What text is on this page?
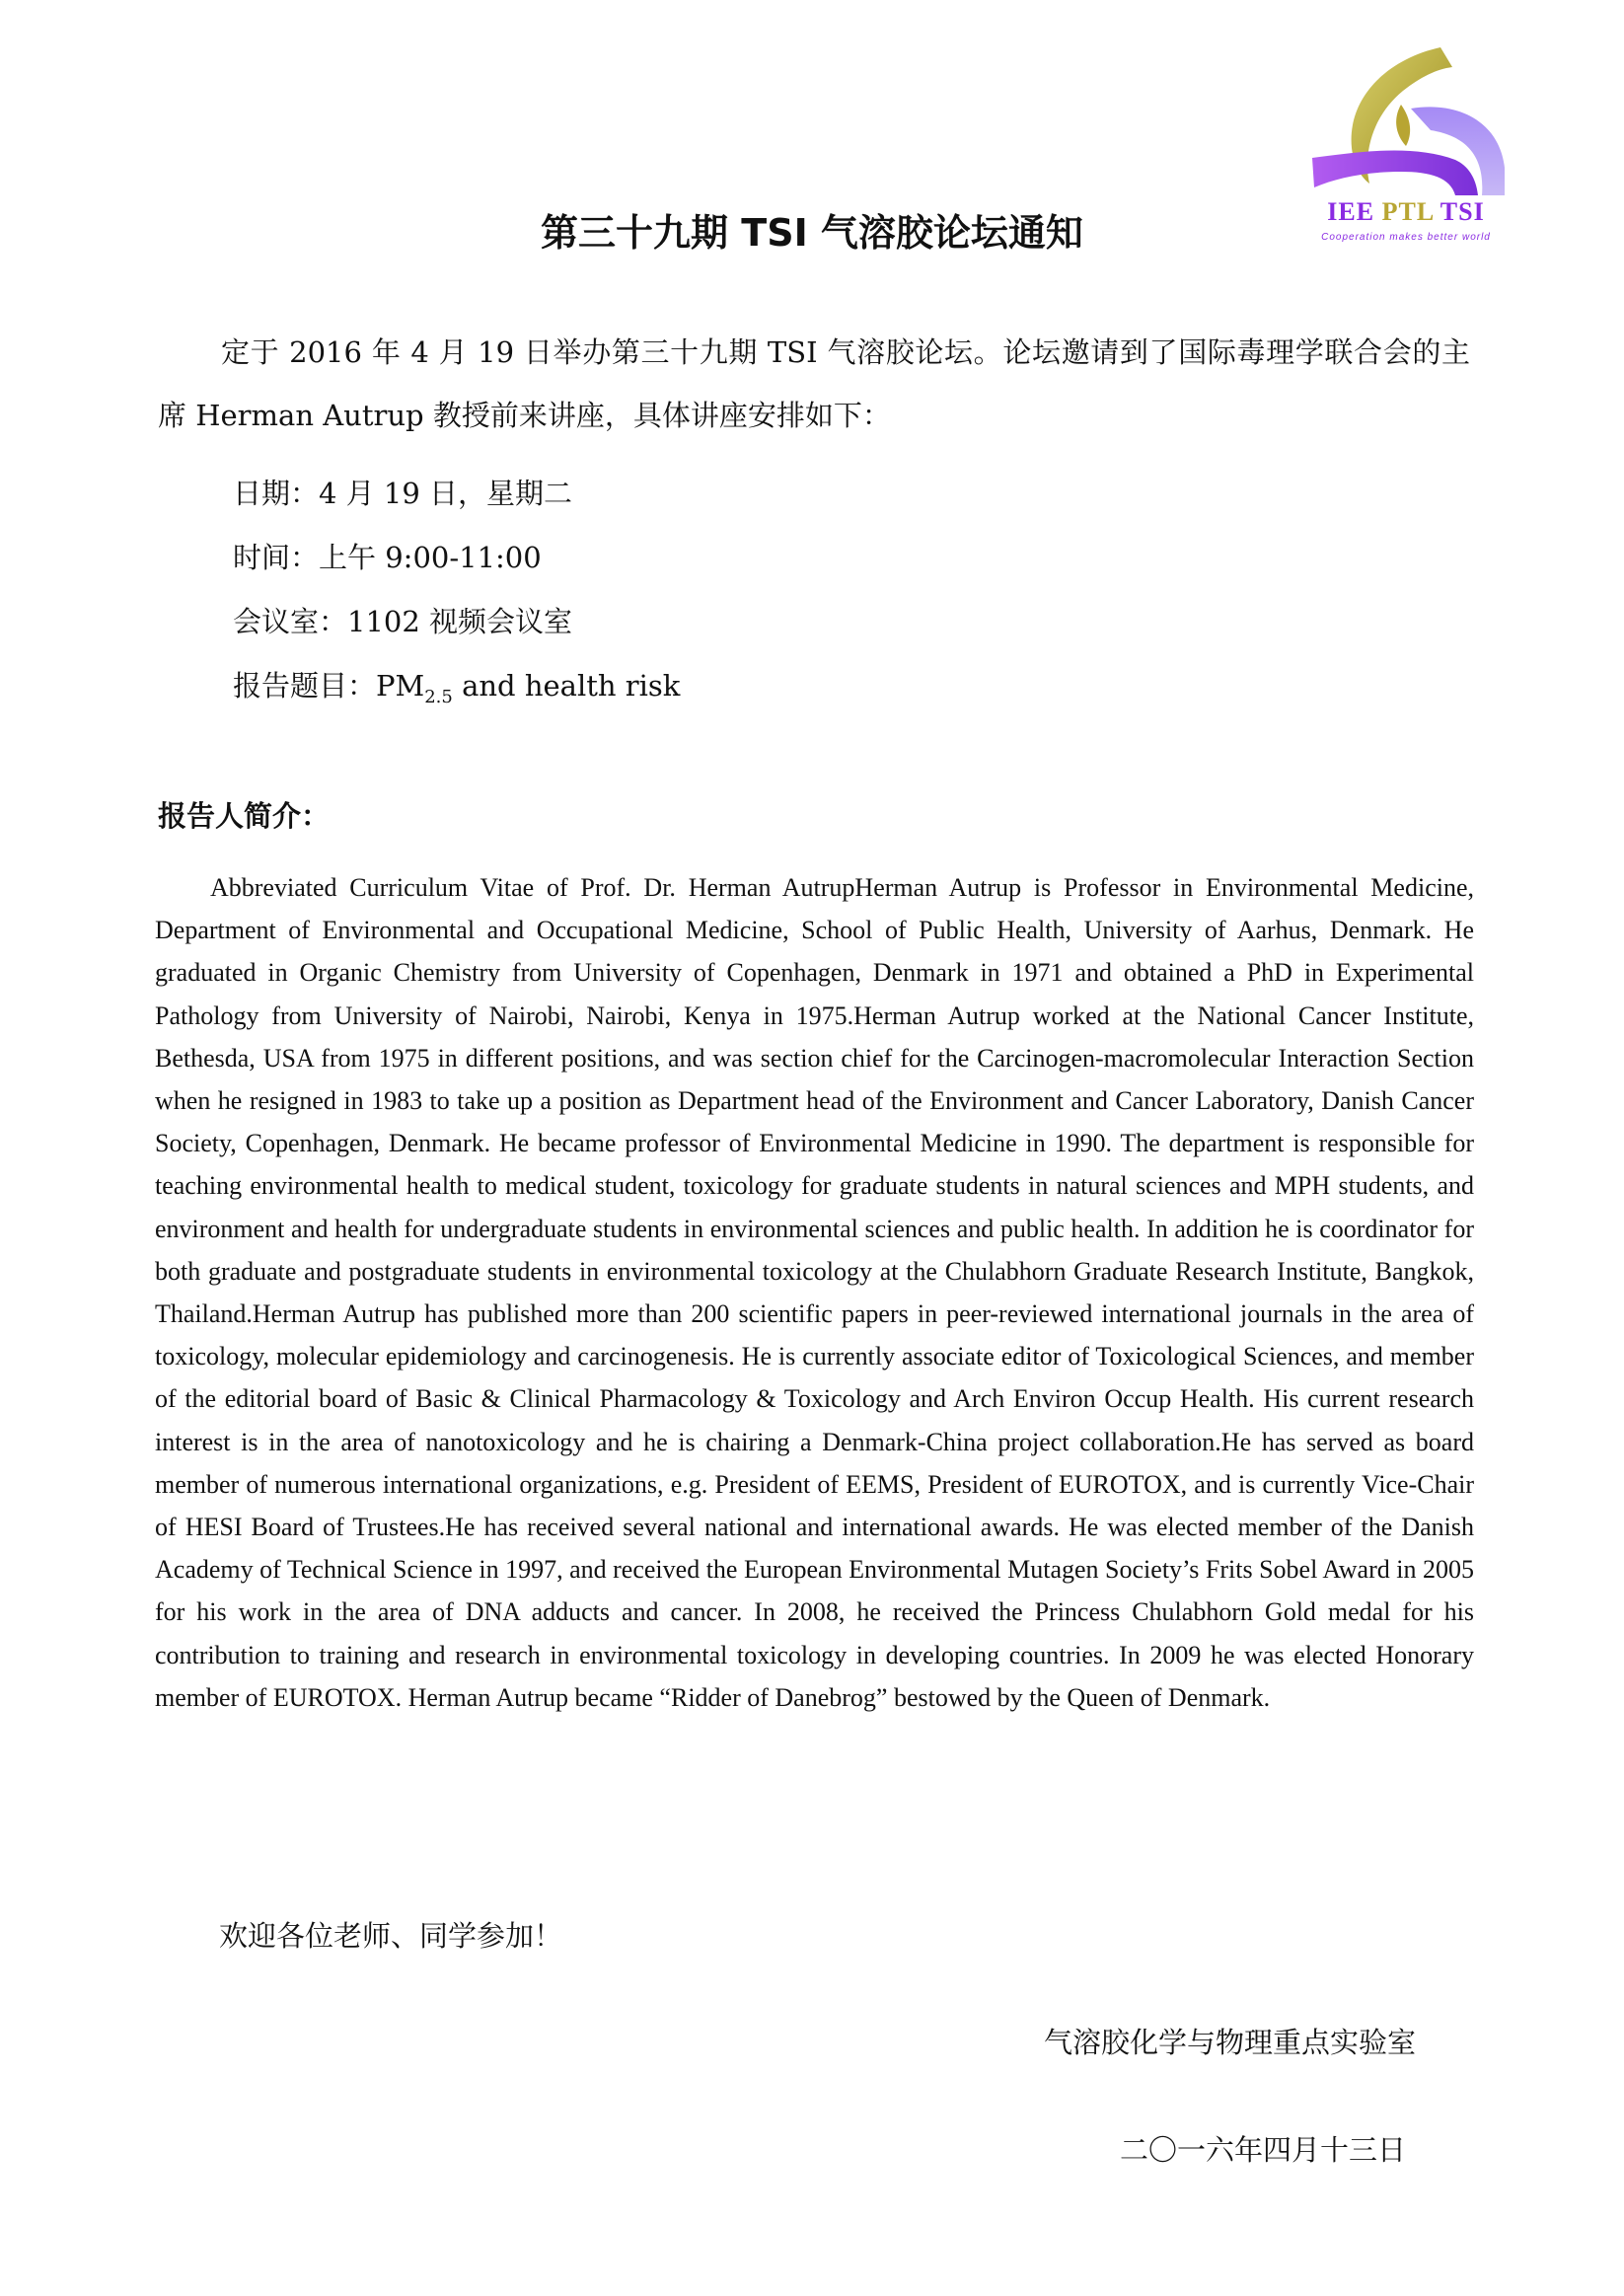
IEE PTL TSI
Cooperation makes better world
第三十九期 TSI 气溶胶论坛通知
定于 2016 年 4 月 19 日举办第三十九期 TSI 气溶胶论坛。论坛邀请到了国际毒理学联合会的主席 Herman Autrup 教授前来讲座，具体讲座安排如下：
日期：4 月 19 日，星期二
时间：上午 9:00-11:00
会议室：1102 视频会议室
报告题目：$PM_{2.5}$ and health risk
报告人简介：

Abbreviated Curriculum Vitae of Prof. Dr. Herman AutrupHerman Autrup is Professor in Environmental Medicine, Department of Environmental and Occupational Medicine, School of Public Health, University of Aarhus, Denmark. He graduated in Organic Chemistry from University of Copenhagen, Denmark in 1971 and obtained a PhD in Experimental Pathology from University of Nairobi, Nairobi, Kenya in 1975.Herman Autrup worked at the National Cancer Institute, Bethesda, USA from 1975 in different positions, and was section chief for the Carcinogen-macromolecular Interaction Section when he resigned in 1983 to take up a position as Department head of the Environment and Cancer Laboratory, Danish Cancer Society, Copenhagen, Denmark. He became professor of Environmental Medicine in 1990. The department is responsible for teaching environmental health to medical student, toxicology for graduate students in natural sciences and MPH students, and environment and health for undergraduate students in environmental sciences and public health. In addition he is coordinator for both graduate and postgraduate students in environmental toxicology at the Chulabhorn Graduate Research Institute, Bangkok, Thailand.Herman Autrup has published more than 200 scientific papers in peer-reviewed international journals in the area of toxicology, molecular epidemiology and carcinogenesis. He is currently associate editor of Toxicological Sciences, and member of the editorial board of Basic & Clinical Pharmacology & Toxicology and Arch Environ Occup Health. His current research interest is in the area of nanotoxicology and he is chairing a Denmark-China project collaboration.He has served as board member of numerous international organizations, e.g. President of EEMS, President of EUROTOX, and is currently Vice-Chair of HESI Board of Trustees.He has received several national and international awards. He was elected member of the Danish Academy of Technical Science in 1997, and received the European Environmental Mutagen Society’s Frits Sobel Award in 2005 for his work in the area of DNA adducts and cancer. In 2008, he received the Princess Chulabhorn Gold medal for his contribution to training and research in environmental toxicology in developing countries. In 2009 he was elected Honorary member of EUROTOX. Herman Autrup became “Ridder of Danebrog” bestowed by the Queen of Denmark.

欢迎各位老师、同学参加！
气溶胶化学与物理重点实验室
二〇一六年四月十三日
